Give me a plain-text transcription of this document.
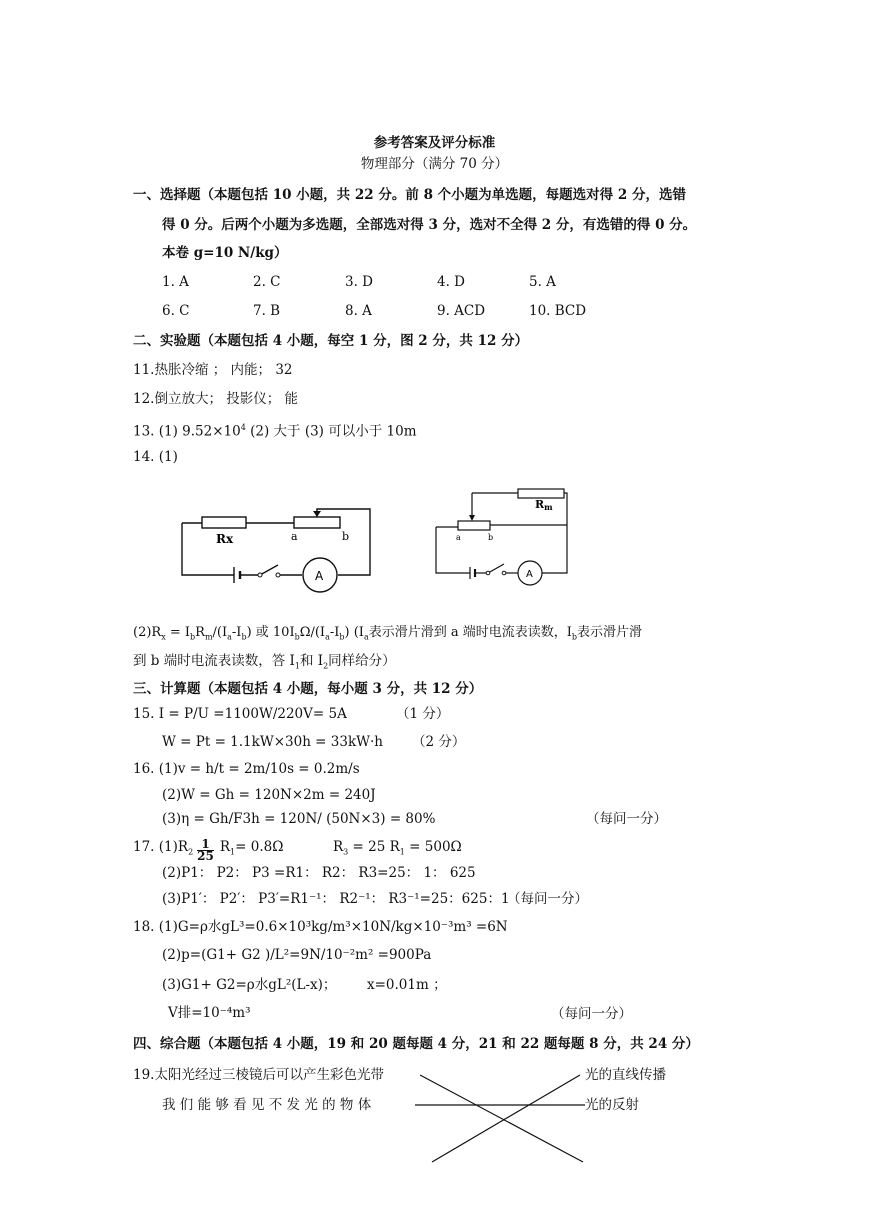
参考答案及评分标准
物理部分（满分 70 分）
一、选择题（本题包括 10 小题，共 22 分。前 8 个小题为单选题，每题选对得 2 分，选错
得 0 分。后两个小题为多选题，全部选对得 3 分，选对不全得 2 分，有选错的得 0 分。
本卷 g=10 N/kg）
1. A	2. C	3. D	4. D	5. A
6. C	7. B	8. A	9. ACD	10. BCD
二、实验题（本题包括 4 小题，每空 1 分，图 2 分，共 12 分）
11.热胀冷缩 ； 内能； 32
12.倒立放大； 投影仪； 能
13. (1) $9.52\times 10^4$ (2) 大于 (3) 可以小于 10m
14. (1)
Rx	a	b
A
Rm
a	b
A
$(2)R_x = I_bR_m/(I_a-I_b)$ 或 $10I_b\Omega/(I_a-I_b)$ ($I_a$表示滑片滑到 a 端时电流表读数，$I_b$表示滑片滑
到 b 端时电流表读数，答 $I_1$和 $I_2$同样给分）
三、计算题（本题包括 4 小题，每小题 3 分，共 12 分）
15. I = P/U =1100W/220V= 5A	（1 分）
W = Pt = 1.1kW×30h = 33kW·h （2 分）
16. (1)v = h/t = 2m/10s = 0.2m/s
(2)W = Gh = 120N×2m = 240J
(3)η = Gh/F3h = 120N/ (50N×3) = 80%	（每问一分）
17. $(1)R_2 \frac{1}{25} R_1= 0.8\Omega$	$R_3 = 25$ $R_1 = 500\Omega$
(2)P1： P2： P3 =R1： R2： R3=25： 1： 625
(3)P1′： P2′： P3′=R1⁻¹： R2⁻¹： R3⁻¹=25：625：1
（每问一分）
18. (1)G=ρ水gL³=0.6×10³kg/m³×10N/kg×10⁻³m³ =6N
(2)p=(G1+ G2 )/L²=9N/10⁻²m² =900Pa
(3)G1+ G2=ρ水gL²(L-x)； x=0.01m ；
V排=10⁻⁴m³	（每问一分）
四、综合题（本题包括 4 小题，19 和 20 题每题 4 分，21 和 22 题每题 8 分，共 24 分）
19.太阳光经过三棱镜后可以产生彩色光带
我 们 能 够 看 见 不 发 光 的 物 体
光的直线传播
光的反射
